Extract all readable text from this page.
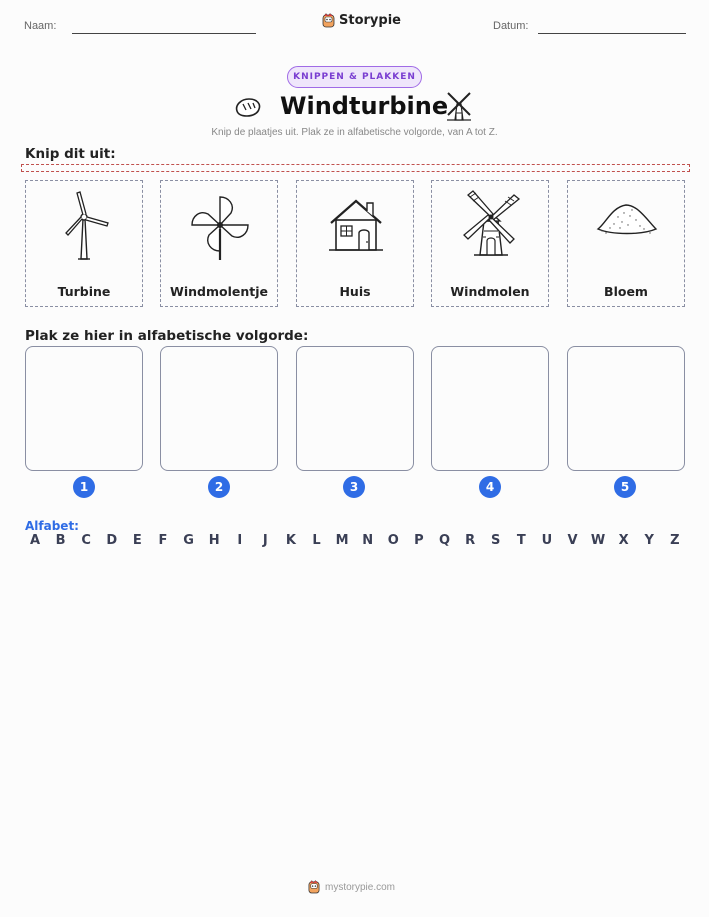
Naam:	Storypie	Datum:
KNIPPEN & PLAKKEN
Windturbine
Knip de plaatjes uit. Plak ze in alfabetische volgorde, van A tot Z.
Knip dit uit:
Turbine	Windmolentje	Huis	Windmolen	Bloem
Plak ze hier in alfabetische volgorde:
1	2	3	4	5
Alfabet:
A	B	C	D	E	F	G	H	I	J	K	L	M	N	O	P	Q	R	S	T	U	V	W	X	Y	Z
mystorypie.com
